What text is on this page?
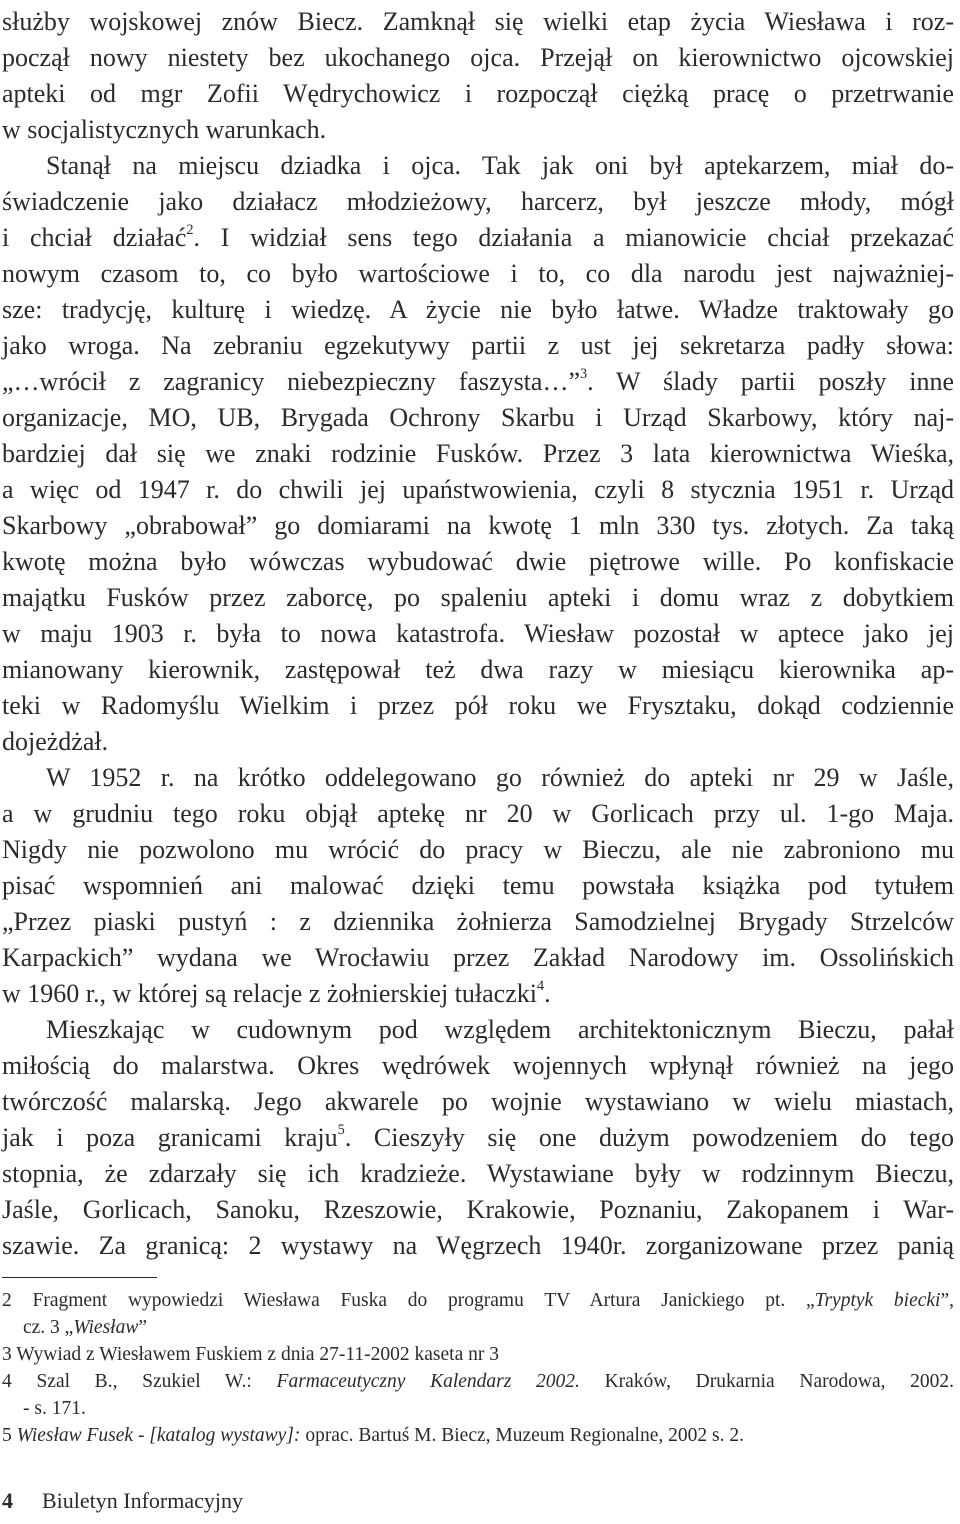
służby wojskowej znów Biecz. Zamknął się wielki etap życia Wiesława i roz-
począł nowy niestety bez ukochanego ojca. Przejął on kierownictwo ojcowskiej
apteki od mgr Zofii Wędrychowicz i rozpoczął ciężką pracę o przetrwanie
w socjalistycznych warunkach.
Stanął na miejscu dziadka i ojca. Tak jak oni był aptekarzem, miał do-
świadczenie jako działacz młodzieżowy, harcerz, był jeszcze młody, mógł
i chciał działać$^2$. I widział sens tego działania a mianowicie chciał przekazać
nowym czasom to, co było wartościowe i to, co dla narodu jest najważniej-
sze: tradycję, kulturę i wiedzę. A życie nie było łatwe. Władze traktowały go
jako wroga. Na zebraniu egzekutywy partii z ust jej sekretarza padły słowa:
„…wrócił z zagranicy niebezpieczny faszysta…”$^3$. W ślady partii poszły inne
organizacje, MO, UB, Brygada Ochrony Skarbu i Urząd Skarbowy, który naj-
bardziej dał się we znaki rodzinie Fusków. Przez 3 lata kierownictwa Wieśka,
a więc od 1947 r. do chwili jej upaństwowienia, czyli 8 stycznia 1951 r. Urząd
Skarbowy „obrabował” go domiarami na kwotę 1 mln 330 tys. złotych. Za taką
kwotę można było wówczas wybudować dwie piętrowe wille. Po konfiskacie
majątku Fusków przez zaborcę, po spaleniu apteki i domu wraz z dobytkiem
w maju 1903 r. była to nowa katastrofa. Wiesław pozostał w aptece jako jej
mianowany kierownik, zastępował też dwa razy w miesiącu kierownika ap-
teki w Radomyślu Wielkim i przez pół roku we Frysztaku, dokąd codziennie
dojeżdżał.
W 1952 r. na krótko oddelegowano go również do apteki nr 29 w Jaśle,
a w grudniu tego roku objął aptekę nr 20 w Gorlicach przy ul. 1-go Maja.
Nigdy nie pozwolono mu wrócić do pracy w Bieczu, ale nie zabroniono mu
pisać wspomnień ani malować dzięki temu powstała książka pod tytułem
„Przez piaski pustyń : z dziennika żołnierza Samodzielnej Brygady Strzelców
Karpackich” wydana we Wrocławiu przez Zakład Narodowy im. Ossolińskich
w 1960 r., w której są relacje z żołnierskiej tułaczki$^4$.
Mieszkając w cudownym pod względem architektonicznym Bieczu, pałał
miłością do malarstwa. Okres wędrówek wojennych wpłynął również na jego
twórczość malarską. Jego akwarele po wojnie wystawiano w wielu miastach,
jak i poza granicami kraju$^5$. Cieszyły się one dużym powodzeniem do tego
stopnia, że zdarzały się ich kradzieże. Wystawiane były w rodzinnym Bieczu,
Jaśle, Gorlicach, Sanoku, Rzeszowie, Krakowie, Poznaniu, Zakopanem i War-
szawie. Za granicą: 2 wystawy na Węgrzech 1940r. zorganizowane przez panią
2 Fragment wypowiedzi Wiesława Fuska do programu TV Artura Janickiego pt. „Tryptyk biecki”,
cz. 3 „Wiesław”
3 Wywiad z Wiesławem Fuskiem z dnia 27-11-2002 kaseta nr 3
4 Szal B., Szukiel W.: Farmaceutyczny Kalendarz 2002. Kraków, Drukarnia Narodowa, 2002.
- s. 171.
5 Wiesław Fusek - [katalog wystawy]: oprac. Bartuś M. Biecz, Muzeum Regionalne, 2002 s. 2.
4 Biuletyn Informacyjny
